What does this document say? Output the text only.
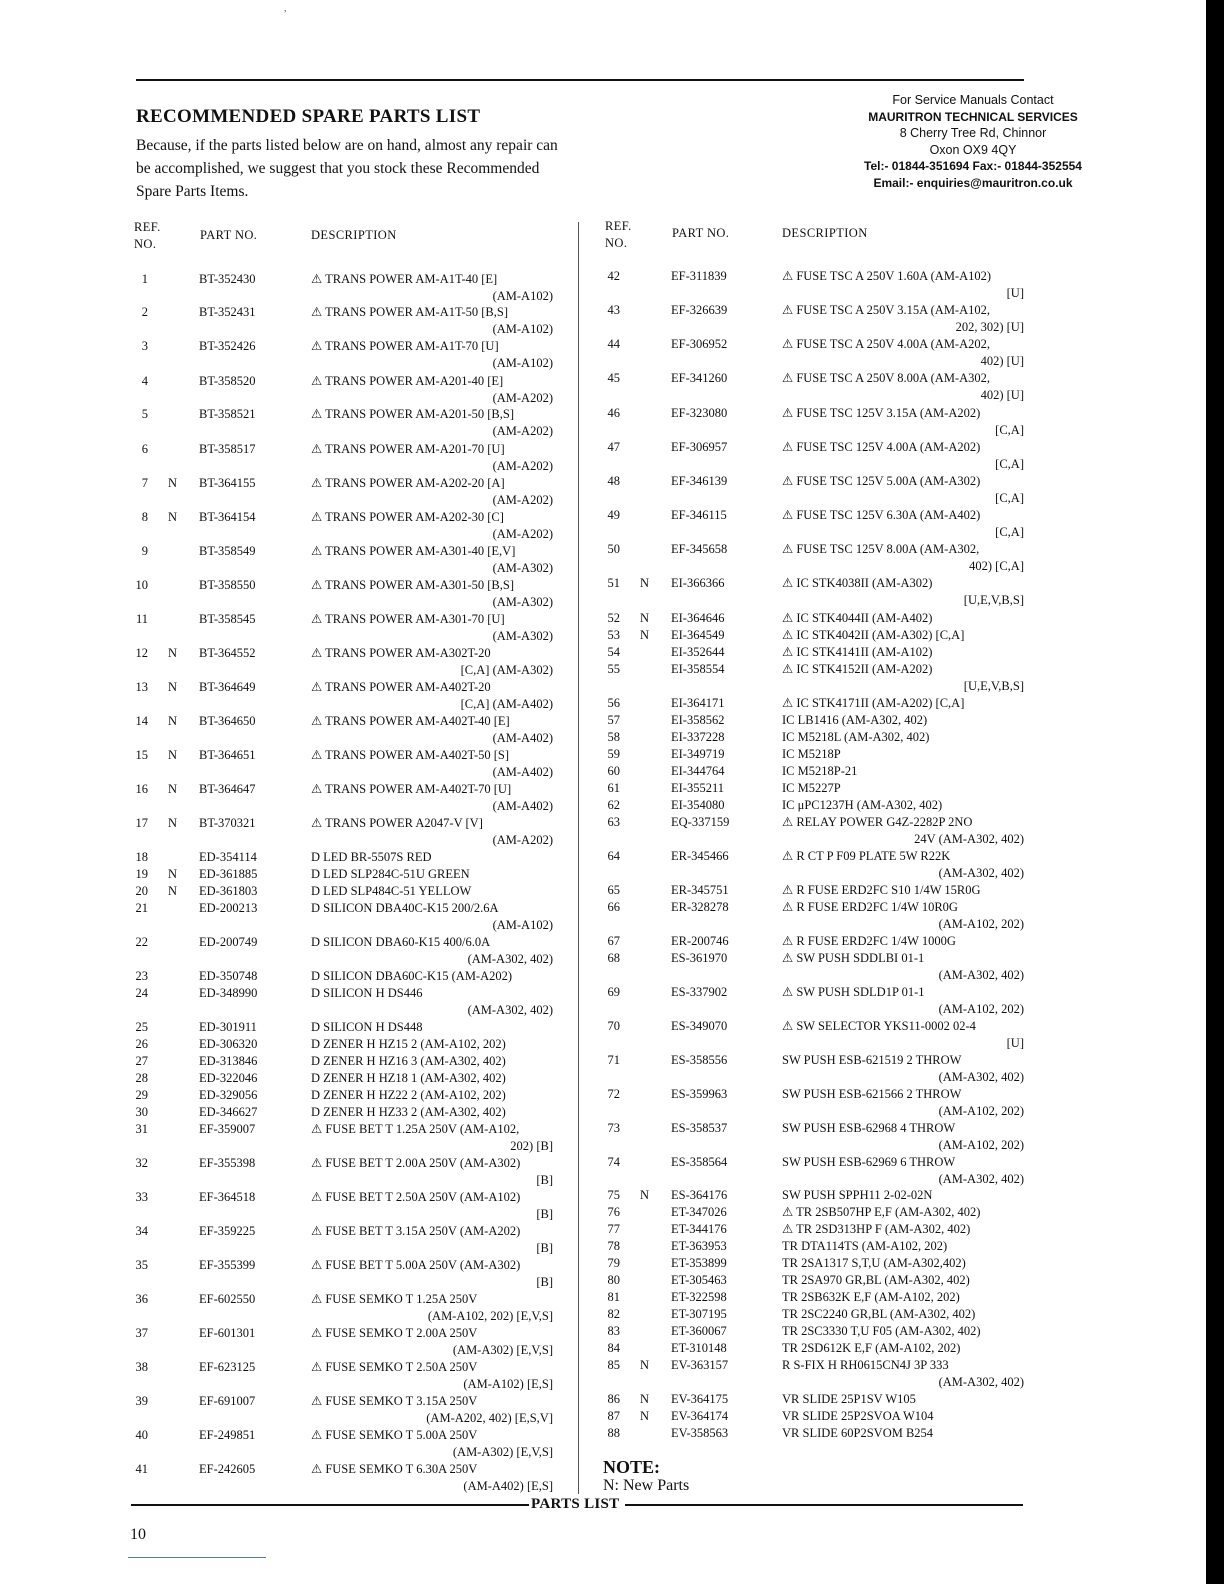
,
RECOMMENDED SPARE PARTS LIST
Because, if the parts listed below are on hand, almost any repair can be accomplished, we suggest that you stock these Recommended Spare Parts Items.
For Service Manuals Contact
MAURITRON TECHNICAL SERVICES
8 Cherry Tree Rd, Chinnor
Oxon OX9 4QY
Tel:- 01844-351694 Fax:- 01844-352554
Email:- enquiries@mauritron.co.uk
REF.
NO.
PART NO.	DESCRIPTION
REF.
NO.
PART NO.	DESCRIPTION
1	BT-352430	⚠ TRANS POWER AM-A1T-40 [E]
(AM-A102)
2	BT-352431	⚠ TRANS POWER AM-A1T-50 [B,S]
(AM-A102)
3	BT-352426	⚠ TRANS POWER AM-A1T-70 [U]
(AM-A102)
4	BT-358520	⚠ TRANS POWER AM-A201-40 [E]
(AM-A202)
5	BT-358521	⚠ TRANS POWER AM-A201-50 [B,S]
(AM-A202)
6	BT-358517	⚠ TRANS POWER AM-A201-70 [U]
(AM-A202)
7 N	BT-364155	⚠ TRANS POWER AM-A202-20 [A]
(AM-A202)
8 N	BT-364154	⚠ TRANS POWER AM-A202-30 [C]
(AM-A202)
9	BT-358549	⚠ TRANS POWER AM-A301-40 [E,V]
(AM-A302)
10	BT-358550	⚠ TRANS POWER AM-A301-50 [B,S]
(AM-A302)
11	BT-358545	⚠ TRANS POWER AM-A301-70 [U]
(AM-A302)
12 N	BT-364552	⚠ TRANS POWER AM-A302T-20
[C,A] (AM-A302)
13 N	BT-364649	⚠ TRANS POWER AM-A402T-20
[C,A] (AM-A402)
14 N	BT-364650	⚠ TRANS POWER AM-A402T-40 [E]
(AM-A402)
15 N	BT-364651	⚠ TRANS POWER AM-A402T-50 [S]
(AM-A402)
16 N	BT-364647	⚠ TRANS POWER AM-A402T-70 [U]
(AM-A402)
17 N	BT-370321	⚠ TRANS POWER A2047-V [V]
(AM-A202)
18	ED-354114	D LED BR-5507S RED
19 N	ED-361885	D LED SLP284C-51U GREEN
20 N	ED-361803	D LED SLP484C-51 YELLOW
21	ED-200213	D SILICON DBA40C-K15 200/2.6A
(AM-A102)
22	ED-200749	D SILICON DBA60-K15 400/6.0A
(AM-A302, 402)
23	ED-350748	D SILICON DBA60C-K15 (AM-A202)
24	ED-348990	D SILICON H DS446
(AM-A302, 402)
25	ED-301911	D SILICON H DS448
26	ED-306320	D ZENER H HZ15 2 (AM-A102, 202)
27	ED-313846	D ZENER H HZ16 3 (AM-A302, 402)
28	ED-322046	D ZENER H HZ18 1 (AM-A302, 402)
29	ED-329056	D ZENER H HZ22 2 (AM-A102, 202)
30	ED-346627	D ZENER H HZ33 2 (AM-A302, 402)
31	EF-359007	⚠ FUSE BET T 1.25A 250V (AM-A102,
202) [B]
32	EF-355398	⚠ FUSE BET T 2.00A 250V (AM-A302)
[B]
33	EF-364518	⚠ FUSE BET T 2.50A 250V (AM-A102)
[B]
34	EF-359225	⚠ FUSE BET T 3.15A 250V (AM-A202)
[B]
35	EF-355399	⚠ FUSE BET T 5.00A 250V (AM-A302)
[B]
36	EF-602550	⚠ FUSE SEMKO T 1.25A 250V
(AM-A102, 202) [E,V,S]
37	EF-601301	⚠ FUSE SEMKO T 2.00A 250V
(AM-A302) [E,V,S]
38	EF-623125	⚠ FUSE SEMKO T 2.50A 250V
(AM-A102) [E,S]
39	EF-691007	⚠ FUSE SEMKO T 3.15A 250V
(AM-A202, 402) [E,S,V]
40	EF-249851	⚠ FUSE SEMKO T 5.00A 250V
(AM-A302) [E,V,S]
41	EF-242605	⚠ FUSE SEMKO T 6.30A 250V
(AM-A402) [E,S]
42	EF-311839	⚠ FUSE TSC A 250V 1.60A (AM-A102)
[U]
43	EF-326639	⚠ FUSE TSC A 250V 3.15A (AM-A102,
202, 302) [U]
44	EF-306952	⚠ FUSE TSC A 250V 4.00A (AM-A202,
402) [U]
45	EF-341260	⚠ FUSE TSC A 250V 8.00A (AM-A302,
402) [U]
46	EF-323080	⚠ FUSE TSC 125V 3.15A (AM-A202)
[C,A]
47	EF-306957	⚠ FUSE TSC 125V 4.00A (AM-A202)
[C,A]
48	EF-346139	⚠ FUSE TSC 125V 5.00A (AM-A302)
[C,A]
49	EF-346115	⚠ FUSE TSC 125V 6.30A (AM-A402)
[C,A]
50	EF-345658	⚠ FUSE TSC 125V 8.00A (AM-A302,
402) [C,A]
51 N	EI-366366	⚠ IC STK4038II (AM-A302)
[U,E,V,B,S]
52 N	EI-364646	⚠ IC STK4044II (AM-A402)
53 N	EI-364549	⚠ IC STK4042II (AM-A302) [C,A]
54	EI-352644	⚠ IC STK4141II (AM-A102)
55	EI-358554	⚠ IC STK4152II (AM-A202)
[U,E,V,B,S]
56	EI-364171	⚠ IC STK4171II (AM-A202) [C,A]
57	EI-358562	IC LB1416 (AM-A302, 402)
58	EI-337228	IC M5218L (AM-A302, 402)
59	EI-349719	IC M5218P
60	EI-344764	IC M5218P-21
61	EI-355211	IC M5227P
62	EI-354080	IC μPC1237H (AM-A302, 402)
63	EQ-337159	⚠ RELAY POWER G4Z-2282P 2NO
24V (AM-A302, 402)
64	ER-345466	⚠ R CT P F09 PLATE 5W R22K
(AM-A302, 402)
65	ER-345751	⚠ R FUSE ERD2FC S10 1/4W 15R0G
66	ER-328278	⚠ R FUSE ERD2FC 1/4W 10R0G
(AM-A102, 202)
67	ER-200746	⚠ R FUSE ERD2FC 1/4W 1000G
68	ES-361970	⚠ SW PUSH SDDLBI 01-1
(AM-A302, 402)
69	ES-337902	⚠ SW PUSH SDLD1P 01-1
(AM-A102, 202)
70	ES-349070	⚠ SW SELECTOR YKS11-0002 02-4
[U]
71	ES-358556	SW PUSH ESB-621519 2 THROW
(AM-A302, 402)
72	ES-359963	SW PUSH ESB-621566 2 THROW
(AM-A102, 202)
73	ES-358537	SW PUSH ESB-62968 4 THROW
(AM-A102, 202)
74	ES-358564	SW PUSH ESB-62969 6 THROW
(AM-A302, 402)
75 N	ES-364176	SW PUSH SPPH11 2-02-02N
76	ET-347026	⚠ TR 2SB507HP E,F (AM-A302, 402)
77	ET-344176	⚠ TR 2SD313HP F (AM-A302, 402)
78	ET-363953	TR DTA114TS (AM-A102, 202)
79	ET-353899	TR 2SA1317 S,T,U (AM-A302,402)
80	ET-305463	TR 2SA970 GR,BL (AM-A302, 402)
81	ET-322598	TR 2SB632K E,F (AM-A102, 202)
82	ET-307195	TR 2SC2240 GR,BL (AM-A302, 402)
83	ET-360067	TR 2SC3330 T,U F05 (AM-A302, 402)
84	ET-310148	TR 2SD612K E,F (AM-A102, 202)
85 N	EV-363157	R S-FIX H RH0615CN4J 3P 333
(AM-A302, 402)
86 N	EV-364175	VR SLIDE 25P1SV W105
87 N	EV-364174	VR SLIDE 25P2SVOA W104
88	EV-358563	VR SLIDE 60P2SVOM B254
NOTE:
N: New Parts
PARTS LIST
10
